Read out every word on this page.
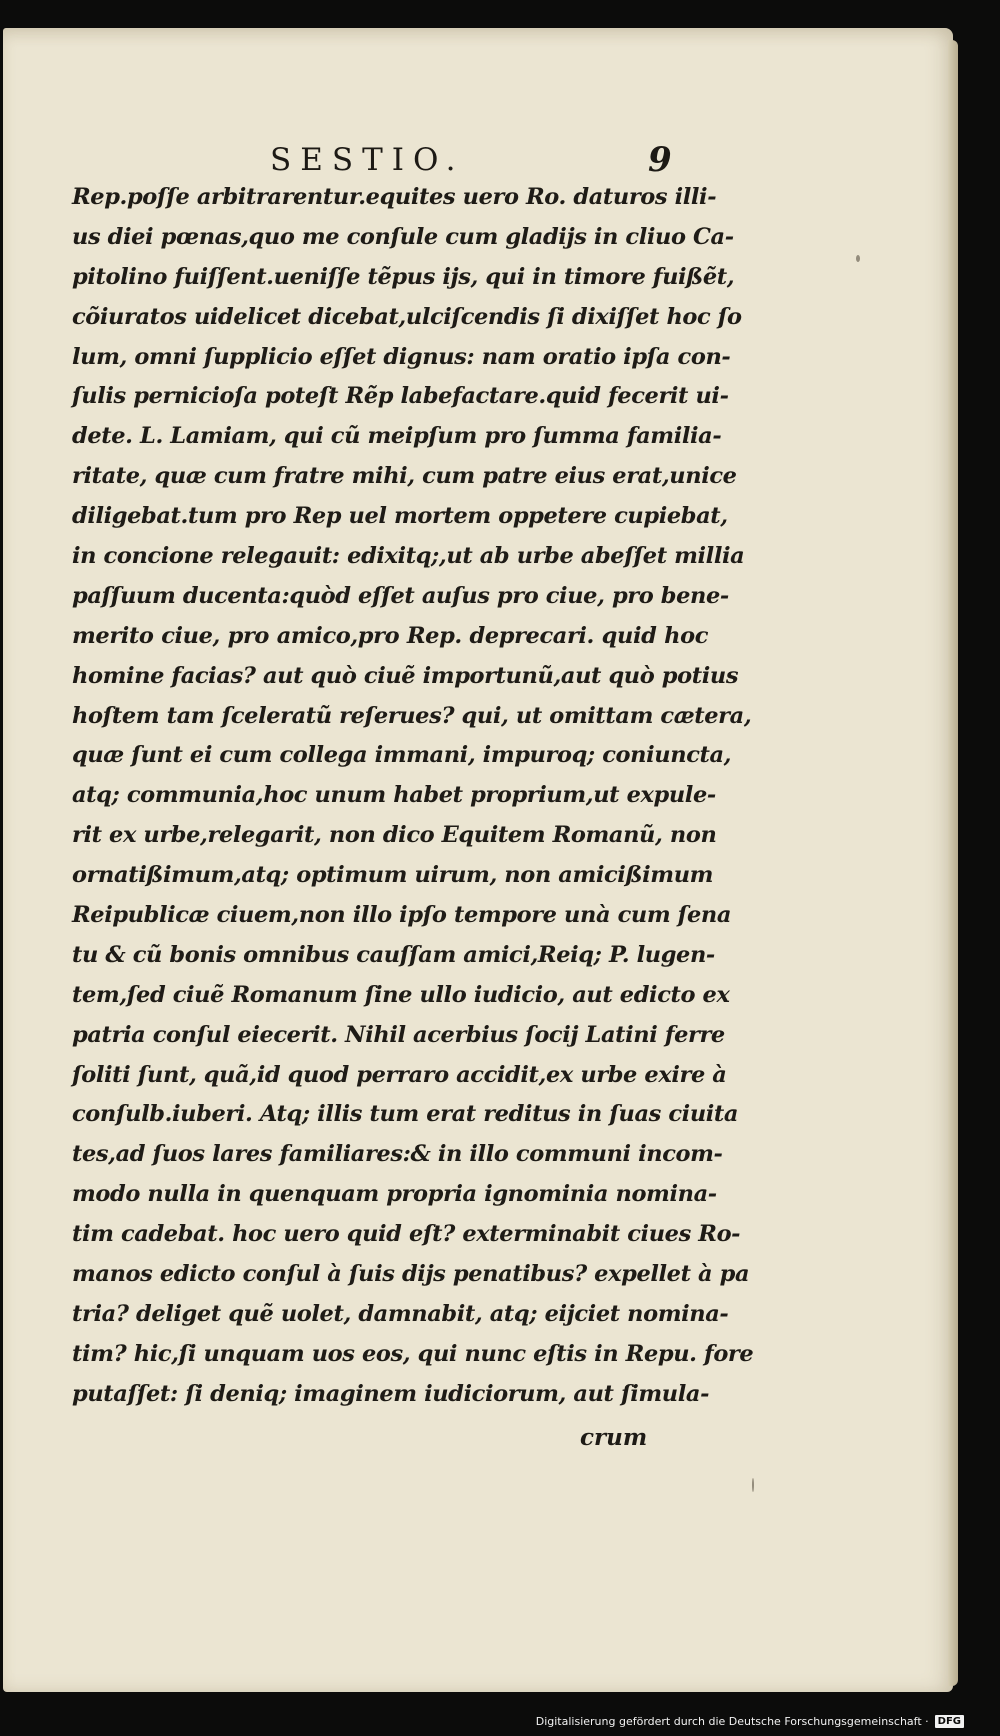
SESTIO.	9
Rep.poſſe arbitrarentur.equites uero Ro. daturos illi-
us diei pœnas,quo me conſule cum gladijs in cliuo Ca-
pitolino fuiſſent.ueniſſe tẽpus ijs, qui in timore fuißẽt,
cõiuratos uidelicet dicebat,ulciſcendis ſi dixiſſet hoc ſo
lum, omni ſupplicio eſſet dignus: nam oratio ipſa con-
ſulis pernicioſa poteſt Rẽp labefactare.quid fecerit ui-
dete. L. Lamiam, qui cũ meipſum pro ſumma familia-
ritate, quæ cum fratre mihi, cum patre eius erat,unice
diligebat.tum pro Rep uel mortem oppetere cupiebat,
in concione relegauit: edixitq;,ut ab urbe abeſſet millia
paſſuum ducenta:quòd eſſet auſus pro ciue, pro bene-
merito ciue, pro amico,pro Rep. deprecari. quid hoc
homine facias? aut quò ciuẽ importunũ,aut quò potius
hoſtem tam ſceleratũ reſerues? qui, ut omittam cætera,
quæ ſunt ei cum collega immani, impuroq; coniuncta,
atq; communia,hoc unum habet proprium,ut expule-
rit ex urbe,relegarit, non dico Equitem Romanũ, non
ornatißimum,atq; optimum uirum, non amicißimum
Reipublicæ ciuem,non illo ipſo tempore unà cum ſena
tu & cũ bonis omnibus cauſſam amici,Reiq; P. lugen-
tem,ſed ciuẽ Romanum ſine ullo iudicio, aut edicto ex
patria conſul eiecerit. Nihil acerbius ſocij Latini ferre
ſoliti ſunt, quã,id quod perraro accidit,ex urbe exire à
conſulb.iuberi. Atq; illis tum erat reditus in ſuas ciuita
tes,ad ſuos lares familiares:& in illo communi incom-
modo nulla in quenquam propria ignominia nomina-
tim cadebat. hoc uero quid eſt? exterminabit ciues Ro-
manos edicto conſul à ſuis dijs penatibus? expellet à pa
tria? deliget quẽ uolet, damnabit, atq; eijciet nomina-
tim? hic,ſi unquam uos eos, qui nunc eſtis in Repu. fore
putaſſet: ſi deniq; imaginem iudiciorum, aut ſimula-
crum
Digitalisierung gefördert durch die Deutsche Forschungsgemeinschaft · DFG
